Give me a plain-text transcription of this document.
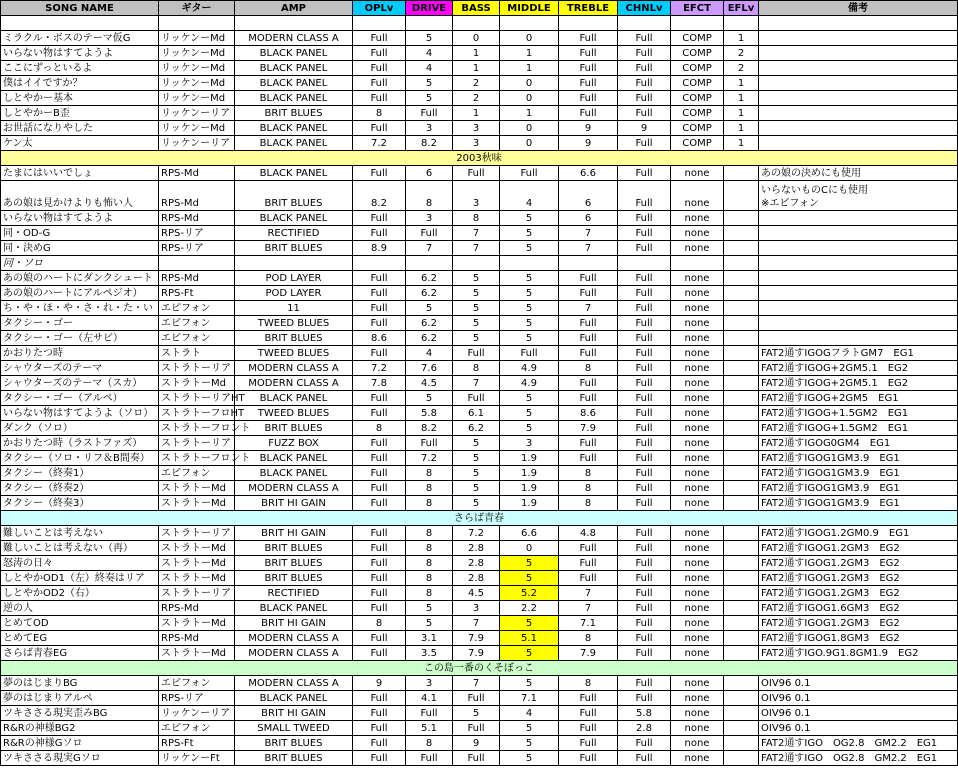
SONG NAME	ギター	AMP	OPLv	DRIVE	BASS	MIDDLE	TREBLE	CHNLv	EFCT	EFLv	備考

ミラクル・ボスのテーマ仮G	リッケンーMd	MODERN CLASS A	Full	5	0	0	Full	Full	COMP	1	
いらない物はすてようよ	リッケンーMd	BLACK PANEL	Full	4	1	1	Full	Full	COMP	2	
ここにずっといるよ	リッケンーMd	BLACK PANEL	Full	4	1	1	Full	Full	COMP	2	
僕はイイですか？	リッケンーMd	BLACK PANEL	Full	5	2	0	Full	Full	COMP	1	
しとやかー基本	リッケンーMd	BLACK PANEL	Full	5	2	0	Full	Full	COMP	1	
しとやかーB歪	リッケンーリア	BRIT BLUES	8	Full	1	1	Full	Full	COMP	1	
お世話になりやした	リッケンーMd	BLACK PANEL	Full	3	3	0	9	9	COMP	1	
ケン太	リッケンーリア	BLACK PANEL	7.2	8.2	3	0	9	Full	COMP	1	
2003秋味											
たまにはいいでしょ	RPS-Md	BLACK PANEL	Full	6	Full	Full	6.6	Full	none		あの娘の決めにも使用
あの娘は見かけよりも怖い人	RPS-Md	BRIT BLUES	8.2	8	3	4	6	Full	none		いらないものCにも使用
※エピフォン
いらない物はすてようよ	RPS-Md	BLACK PANEL	Full	3	8	5	6	Full	none		
同・OD-G	RPS-リア	RECTIFIED	Full	Full	7	5	7	Full	none		
同・決めG	RPS-リア	BRIT BLUES	8.9	7	7	5	7	Full	none		
同・ソロ											
あの娘のハートにダンクシュート	RPS-Md	POD LAYER	Full	6.2	5	5	Full	Full	none		
あの娘のハートにアルペジオ）	RPS-Ft	POD LAYER	Full	6.2	5	5	Full	Full	none		
ち・や・ほ・や・さ・れ・た・い	エピフォン	11	Full	5	5	5	7	Full	none		
タクシー・ゴー	エピフォン	TWEED BLUES	Full	6.2	5	5	Full	Full	none		
タクシー・ゴー（左サビ）	エピフォン	BRIT BLUES	8.6	6.2	5	5	Full	Full	none		
かおりたつ時	ストラト	TWEED BLUES	Full	4	Full	Full	Full	Full	none		FAT2通すIGOGフラトGM7　EG1
シャウターズのテーマ	ストラトーリア	MODERN CLASS A	7.2	7.6	8	4.9	8	Full	none		FAT2通すIGOG+2GM5.1　EG2
シャウターズのテーマ（スカ）	ストラトーMd	MODERN CLASS A	7.8	4.5	7	4.9	Full	Full	none		FAT2通すIGOG+2GM5.1　EG2
タクシー・ゴー（アルペ）	ストラトーリアHT	BLACK PANEL	Full	5	Full	5	Full	Full	none		FAT2通すIGOG+2GM5　EG1
いらない物はすてようよ（ソロ）	ストラトーフロHT	TWEED BLUES	Full	5.8	6.1	5	8.6	Full	none		FAT2通すIGOG+1.5GM2　EG1
ダンク（ソロ）	ストラトーフロント	BRIT BLUES	8	8.2	6.2	5	7.9	Full	none		FAT2通すIGOG+1.5GM2　EG1
かおりたつ時（ラストファズ）	ストラトーリア	FUZZ BOX	Full	Full	5	3	Full	Full	none		FAT2通すIGOG0GM4　EG1
タクシー（ソロ・リフ＆B間奏）	ストラトーフロント	BLACK PANEL	Full	7.2	5	1.9	Full	Full	none		FAT2通すIGOG1GM3.9　EG1
タクシー（終奏1）	エピフォン	BLACK PANEL	Full	8	5	1.9	8	Full	none		FAT2通すIGOG1GM3.9　EG1
タクシー（終奏2）	ストラトーMd	MODERN CLASS A	Full	8	5	1.9	8	Full	none		FAT2通すIGOG1GM3.9　EG1
タクシー（終奏3）	ストラトーMd	BRIT HI GAIN	Full	8	5	1.9	8	Full	none		FAT2通すIGOG1GM3.9　EG1
さらば青春											
難しいことは考えない	ストラトーリア	BRIT HI GAIN	Full	8	7.2	6.6	4.8	Full	none		FAT2通すIGOG1.2GM0.9　EG1
難しいことは考えない（再）	ストラトーMd	BRIT BLUES	Full	8	2.8	0	Full	Full	none		FAT2通すIGOG1.2GM3　EG2
怒涛の日々	ストラトーMd	BRIT BLUES	Full	8	2.8	5	Full	Full	none		FAT2通すIGOG1.2GM3　EG2
しとやかOD1（左）終奏はリア	ストラトーMd	BRIT BLUES	Full	8	2.8	5	Full	Full	none		FAT2通すIGOG1.2GM3　EG2
しとやかOD2（右）	ストラトーリア	RECTIFIED	Full	8	4.5	5.2	7	Full	none		FAT2通すIGOG1.2GM3　EG2
逆の人	RPS-Md	BLACK PANEL	Full	5	3	2.2	7	Full	none		FAT2通すIGOG1.6GM3　EG2
とめてOD	ストラトーMd	BRIT HI GAIN	8	5	7	5	7.1	Full	none		FAT2通すIGOG1.2GM3　EG2
とめてEG	RPS-Md	MODERN CLASS A	Full	3.1	7.9	5.1	8	Full	none		FAT2通すIGOG1.8GM3　EG2
さらば青春EG	ストラトーMd	MODERN CLASS A	Full	3.5	7.9	5	7.9	Full	none		FAT2通すIGO.9G1.8GM1.9　EG2
この島一番のくそぼっこ											
夢のはじまりBG	エピフォン	MODERN CLASS A	9	3	7	5	8	Full	none		OIV96 0.1
夢のはじまりアルペ	RPS-リア	BLACK PANEL	Full	4.1	Full	7.1	Full	Full	none		OIV96 0.1
ツキささる現実歪みBG	リッケンーリア	BRIT HI GAIN	Full	Full	5	4	Full	5.8	none		OIV96 0.1
R&Rの神様BG2	エピフォン	SMALL TWEED	Full	5.1	Full	5	Full	2.8	none		OIV96 0.1
R&Rの神様Gソロ	RPS-Ft	BRIT BLUES	Full	8	9	5	Full	Full	none		FAT2通すIGO　OG2.8　GM2.2　EG1
ツキささる現実Gソロ	リッケンーFt	BRIT BLUES	Full	Full	Full	5	Full	Full	none		FAT2通すIGO　OG2.8　GM2.2　EG1
